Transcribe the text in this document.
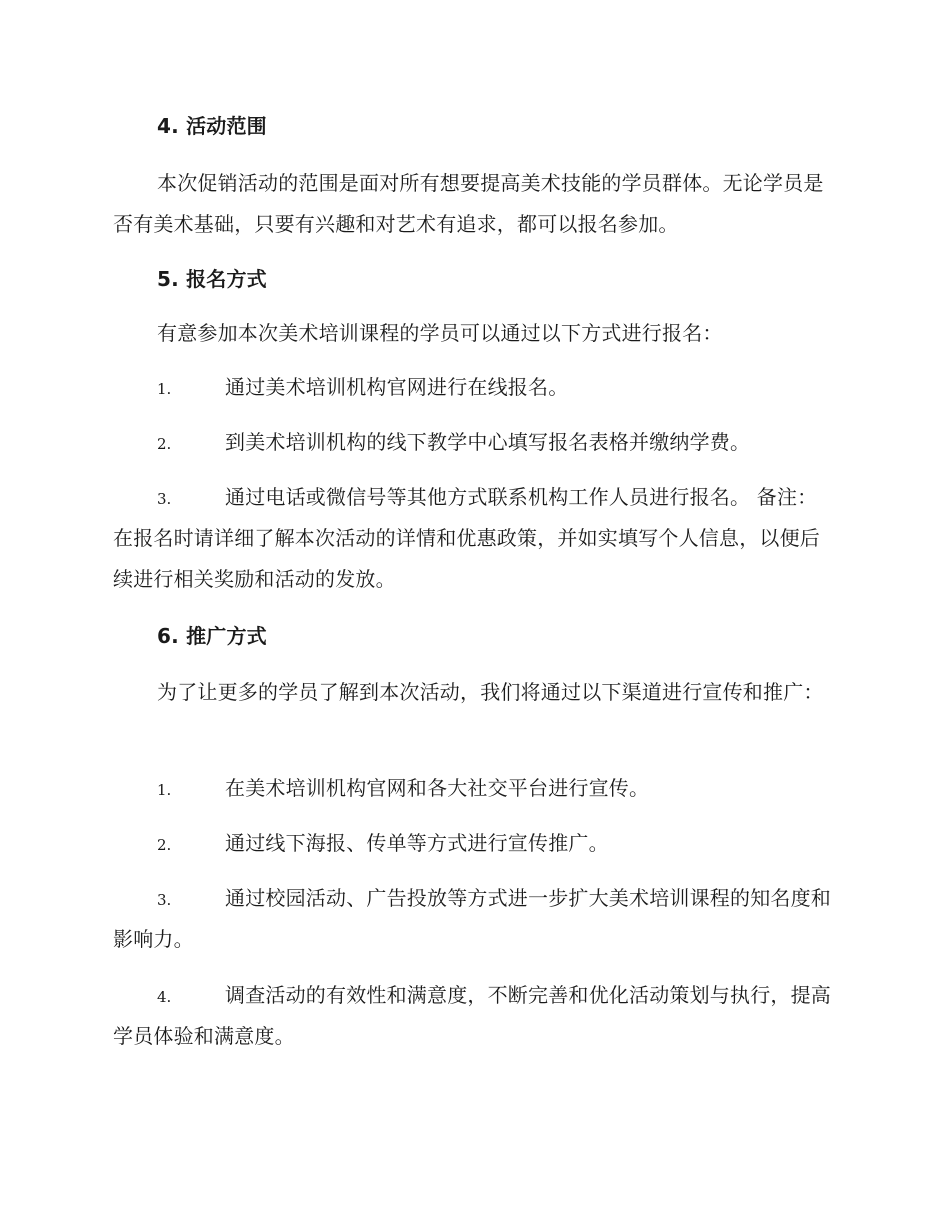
4. 活动范围

本次促销活动的范围是面对所有想要提高美术技能的学员群体。无论学员是否有美术基础，只要有兴趣和对艺术有追求，都可以报名参加。

5. 报名方式

有意参加本次美术培训课程的学员可以通过以下方式进行报名：

1.	通过美术培训机构官网进行在线报名。

2.	到美术培训机构的线下教学中心填写报名表格并缴纳学费。

3.	通过电话或微信号等其他方式联系机构工作人员进行报名。 备注：在报名时请详细了解本次活动的详情和优惠政策，并如实填写个人信息，以便后续进行相关奖励和活动的发放。

6. 推广方式

为了让更多的学员了解到本次活动，我们将通过以下渠道进行宣传和推广：

1.	在美术培训机构官网和各大社交平台进行宣传。

2.	通过线下海报、传单等方式进行宣传推广。

3.	通过校园活动、广告投放等方式进一步扩大美术培训课程的知名度和影响力。

4.	调查活动的有效性和满意度，不断完善和优化活动策划与执行，提高学员体验和满意度。
